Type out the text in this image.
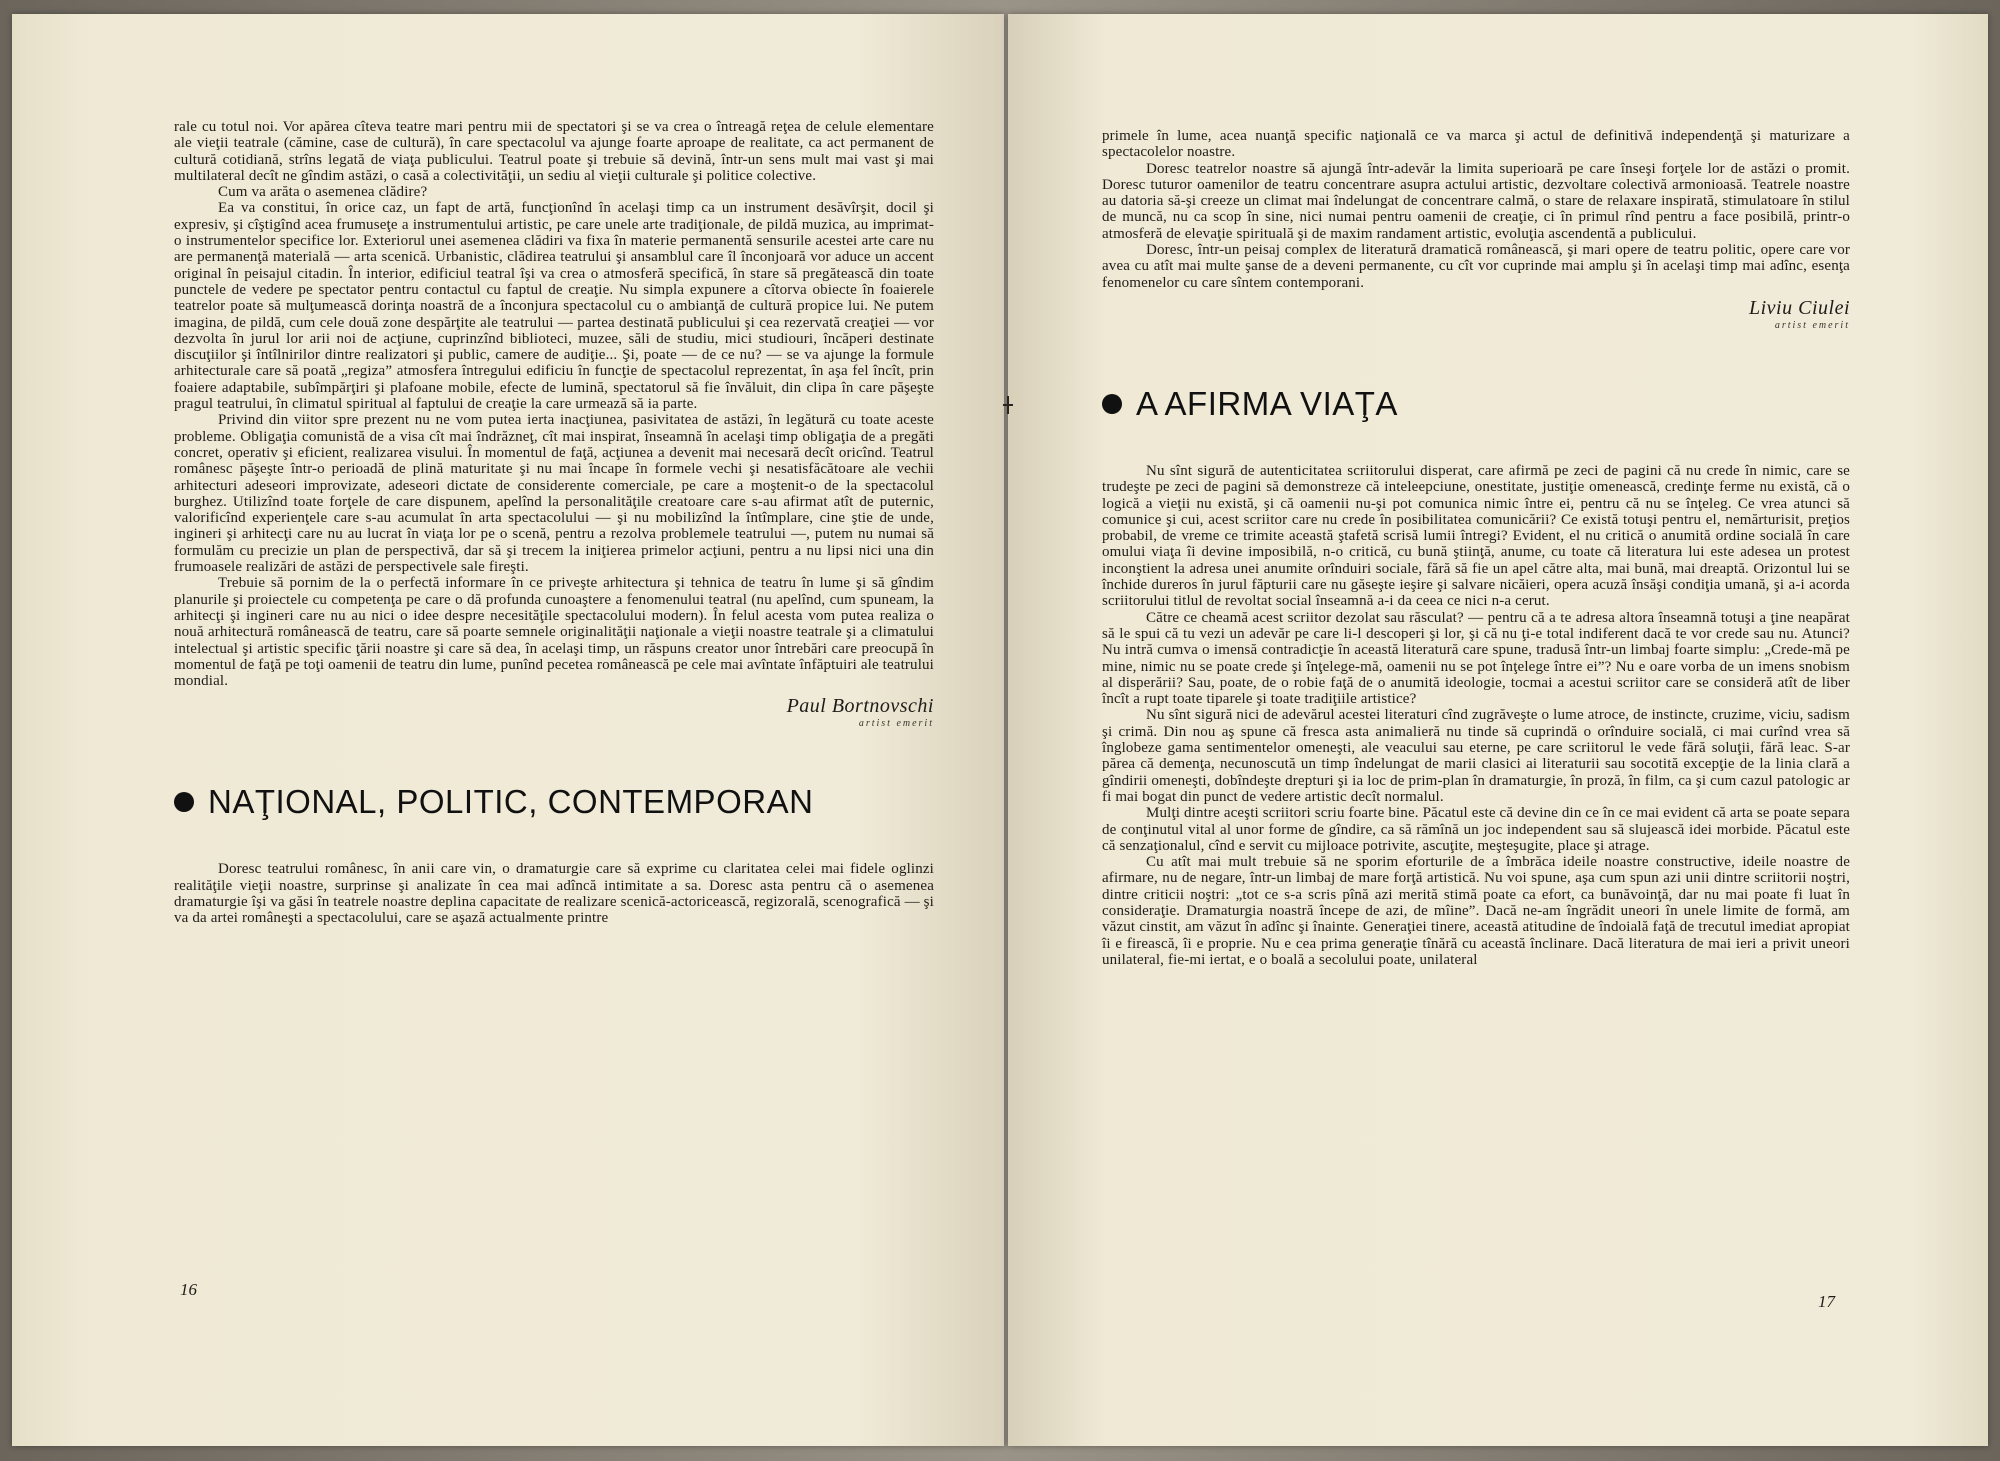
rale cu totul noi. Vor apărea cîteva teatre mari pentru mii de spectatori şi se va crea o întreagă reţea de celule elementare ale vieţii teatrale (cămine, case de cultură), în care spectacolul va ajunge foarte aproape de realitate, ca act permanent de cultură cotidiană, strîns legată de viaţa publicului. Teatrul poate şi trebuie să devină, într-un sens mult mai vast şi mai multilateral decît ne gîndim astăzi, o casă a colectivităţii, un sediu al vieţii culturale şi politice colective.

Cum va arăta o asemenea clădire?

Ea va constitui, în orice caz, un fapt de artă, funcţionînd în acelaşi timp ca un instrument desăvîrşit, docil şi expresiv, şi cîştigînd acea frumuseţe a instrumentului artistic, pe care unele arte tradiţionale, de pildă muzica, au imprimat-o instrumentelor specifice lor. Exteriorul unei asemenea clădiri va fixa în materie permanentă sensurile acestei arte care nu are permanenţă materială — arta scenică. Urbanistic, clădirea teatrului şi ansamblul care îl înconjoară vor aduce un accent original în peisajul citadin. În interior, edificiul teatral îşi va crea o atmosferă specifică, în stare să pregătească din toate punctele de vedere pe spectator pentru contactul cu faptul de creaţie. Nu simpla expunere a cîtorva obiecte în foaierele teatrelor poate să mulţumească dorinţa noastră de a înconjura spectacolul cu o ambianţă de cultură propice lui. Ne putem imagina, de pildă, cum cele două zone despărţite ale teatrului — partea destinată publicului şi cea rezervată creaţiei — vor dezvolta în jurul lor arii noi de acţiune, cuprinzînd biblioteci, muzee, săli de studiu, mici studiouri, încăperi destinate discuţiilor şi întîlnirilor dintre realizatori şi public, camere de audiţie... Şi, poate — de ce nu? — se va ajunge la formule arhitecturale care să poată „regiza” atmosfera întregului edificiu în funcţie de spectacolul reprezentat, în aşa fel încît, prin foaiere adaptabile, subîmpărţiri şi plafoane mobile, efecte de lumină, spectatorul să fie învăluit, din clipa în care păşeşte pragul teatrului, în climatul spiritual al faptului de creaţie la care urmează să ia parte.

Privind din viitor spre prezent nu ne vom putea ierta inacţiunea, pasivitatea de astăzi, în legătură cu toate aceste probleme. Obligaţia comunistă de a visa cît mai îndrăzneţ, cît mai inspirat, înseamnă în acelaşi timp obligaţia de a pregăti concret, operativ şi eficient, realizarea visului. În momentul de faţă, acţiunea a devenit mai necesară decît oricînd. Teatrul românesc păşeşte într-o perioadă de plină maturitate şi nu mai încape în formele vechi şi nesatisfăcătoare ale vechii arhitecturi adeseori improvizate, adeseori dictate de considerente comerciale, pe care a moştenit-o de la spectacolul burghez. Utilizînd toate forţele de care dispunem, apelînd la personalităţile creatoare care s-au afirmat atît de puternic, valorificînd experienţele care s-au acumulat în arta spectacolului — şi nu mobilizînd la întîmplare, cine ştie de unde, ingineri şi arhitecţi care nu au lucrat în viaţa lor pe o scenă, pentru a rezolva problemele teatrului —, putem nu numai să formulăm cu precizie un plan de perspectivă, dar să şi trecem la iniţierea primelor acţiuni, pentru a nu lipsi nici una din frumoasele realizări de astăzi de perspectivele sale fireşti.

Trebuie să pornim de la o perfectă informare în ce priveşte arhitectura şi tehnica de teatru în lume şi să gîndim planurile şi proiectele cu competenţa pe care o dă profunda cunoaştere a fenomenului teatral (nu apelînd, cum spuneam, la arhitecţi şi ingineri care nu au nici o idee despre necesităţile spectacolului modern). În felul acesta vom putea realiza o nouă arhitectură românească de teatru, care să poarte semnele originalităţii naţionale a vieţii noastre teatrale şi a climatului intelectual şi artistic specific ţării noastre şi care să dea, în acelaşi timp, un răspuns creator unor întrebări care preocupă în momentul de faţă pe toţi oamenii de teatru din lume, punînd pecetea românească pe cele mai avîntate înfăptuiri ale teatrului mondial.

Paul Bortnovschi

artist emerit

NAŢIONAL, POLITIC, CONTEMPORAN

Doresc teatrului românesc, în anii care vin, o dramaturgie care să exprime cu claritatea celei mai fidele oglinzi realităţile vieţii noastre, surprinse şi analizate în cea mai adîncă intimitate a sa. Doresc asta pentru că o asemenea dramaturgie îşi va găsi în teatrele noastre deplina capacitate de realizare scenică-actoricească, regizorală, scenografică — şi va da artei româneşti a spectacolului, care se aşază actualmente printre

16

primele în lume, acea nuanţă specific naţională ce va marca şi actul de definitivă independenţă şi maturizare a spectacolelor noastre.

Doresc teatrelor noastre să ajungă într-adevăr la limita superioară pe care înseşi forţele lor de astăzi o promit. Doresc tuturor oamenilor de teatru concentrare asupra actului artistic, dezvoltare colectivă armonioasă. Teatrele noastre au datoria să-şi creeze un climat mai îndelungat de concentrare calmă, o stare de relaxare inspirată, stimulatoare în stilul de muncă, nu ca scop în sine, nici numai pentru oamenii de creaţie, ci în primul rînd pentru a face posibilă, printr-o atmosferă de elevaţie spirituală şi de maxim randament artistic, evoluţia ascendentă a publicului.

Doresc, într-un peisaj complex de literatură dramatică românească, şi mari opere de teatru politic, opere care vor avea cu atît mai multe şanse de a deveni permanente, cu cît vor cuprinde mai amplu şi în acelaşi timp mai adînc, esenţa fenomenelor cu care sîntem contemporani.

Liviu Ciulei

artist emerit

A AFIRMA VIAŢA

Nu sînt sigură de autenticitatea scriitorului disperat, care afirmă pe zeci de pagini că nu crede în nimic, care se trudeşte pe zeci de pagini să demonstreze că inteleepciune, onestitate, justiţie omenească, credinţe ferme nu există, că o logică a vieţii nu există, şi că oamenii nu-şi pot comunica nimic între ei, pentru că nu se înţeleg. Ce vrea atunci să comunice şi cui, acest scriitor care nu crede în posibilitatea comunicării? Ce există totuşi pentru el, nemărturisit, preţios probabil, de vreme ce trimite această ştafetă scrisă lumii întregi? Evident, el nu critică o anumită ordine socială în care omului viaţa îi devine imposibilă, n-o critică, cu bună ştiinţă, anume, cu toate că literatura lui este adesea un protest inconştient la adresa unei anumite orînduiri sociale, fără să fie un apel către alta, mai bună, mai dreaptă. Orizontul lui se închide dureros în jurul făpturii care nu găseşte ieşire şi salvare nicăieri, opera acuză însăşi condiţia umană, şi a-i acorda scriitorului titlul de revoltat social înseamnă a-i da ceea ce nici n-a cerut.

Către ce cheamă acest scriitor dezolat sau răsculat? — pentru că a te adresa altora înseamnă totuşi a ţine neapărat să le spui că tu vezi un adevăr pe care li-l descoperi şi lor, şi că nu ţi-e total indiferent dacă te vor crede sau nu. Atunci? Nu intră cumva o imensă contradicţie în această literatură care spune, tradusă într-un limbaj foarte simplu: „Crede-mă pe mine, nimic nu se poate crede şi înţelege-mă, oamenii nu se pot înţelege între ei”? Nu e oare vorba de un imens snobism al disperării? Sau, poate, de o robie faţă de o anumită ideologie, tocmai a acestui scriitor care se consideră atît de liber încît a rupt toate tiparele şi toate tradiţiile artistice?

Nu sînt sigură nici de adevărul acestei literaturi cînd zugrăveşte o lume atroce, de instincte, cruzime, viciu, sadism şi crimă. Din nou aş spune că fresca asta animalieră nu tinde să cuprindă o orînduire socială, ci mai curînd vrea să înglobeze gama sentimentelor omeneşti, ale veacului sau eterne, pe care scriitorul le vede fără soluţii, fără leac. S-ar părea că demenţa, necunoscută un timp îndelungat de marii clasici ai literaturii sau socotită excepţie de la linia clară a gîndirii omeneşti, dobîndeşte drepturi şi ia loc de prim-plan în dramaturgie, în proză, în film, ca şi cum cazul patologic ar fi mai bogat din punct de vedere artistic decît normalul.

Mulţi dintre aceşti scriitori scriu foarte bine. Păcatul este că devine din ce în ce mai evident că arta se poate separa de conţinutul vital al unor forme de gîndire, ca să rămînă un joc independent sau să slujească idei morbide. Păcatul este că senzaţionalul, cînd e servit cu mijloace potrivite, ascuţite, meşteşugite, place şi atrage.

Cu atît mai mult trebuie să ne sporim eforturile de a îmbrăca ideile noastre constructive, ideile noastre de afirmare, nu de negare, într-un limbaj de mare forţă artistică. Nu voi spune, aşa cum spun azi unii dintre scriitorii noştri, dintre criticii noştri: „tot ce s-a scris pînă azi merită stimă poate ca efort, ca bunăvoinţă, dar nu mai poate fi luat în consideraţie. Dramaturgia noastră începe de azi, de mîine”. Dacă ne-am îngrădit uneori în unele limite de formă, am văzut cinstit, am văzut în adînc şi înainte. Generaţiei tinere, această atitudine de îndoială faţă de trecutul imediat apropiat îi e firească, îi e proprie. Nu e cea prima generaţie tînără cu această înclinare. Dacă literatura de mai ieri a privit uneori unilateral, fie-mi iertat, e o boală a secolului poate, unilateral

17
